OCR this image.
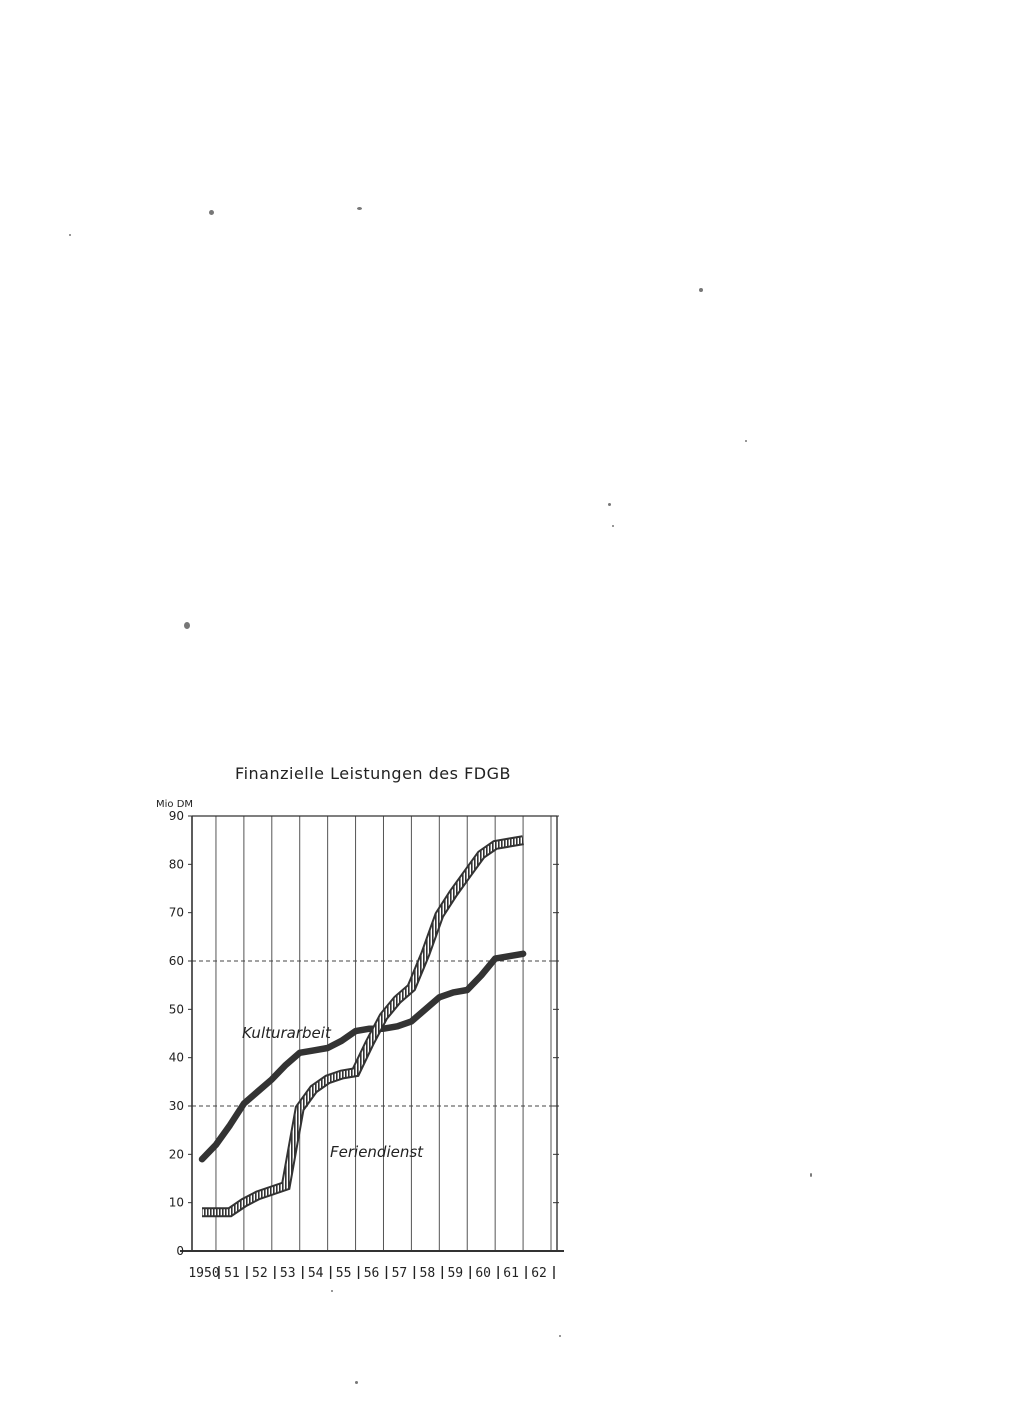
Finanzielle Leistungen des FDGB
Mio DM
0
10
20
30
40
50
60
70
80
90
1950 51 52 53 54 55 56 57 58 59 60 61 62
Kulturarbeit
Feriendienst
